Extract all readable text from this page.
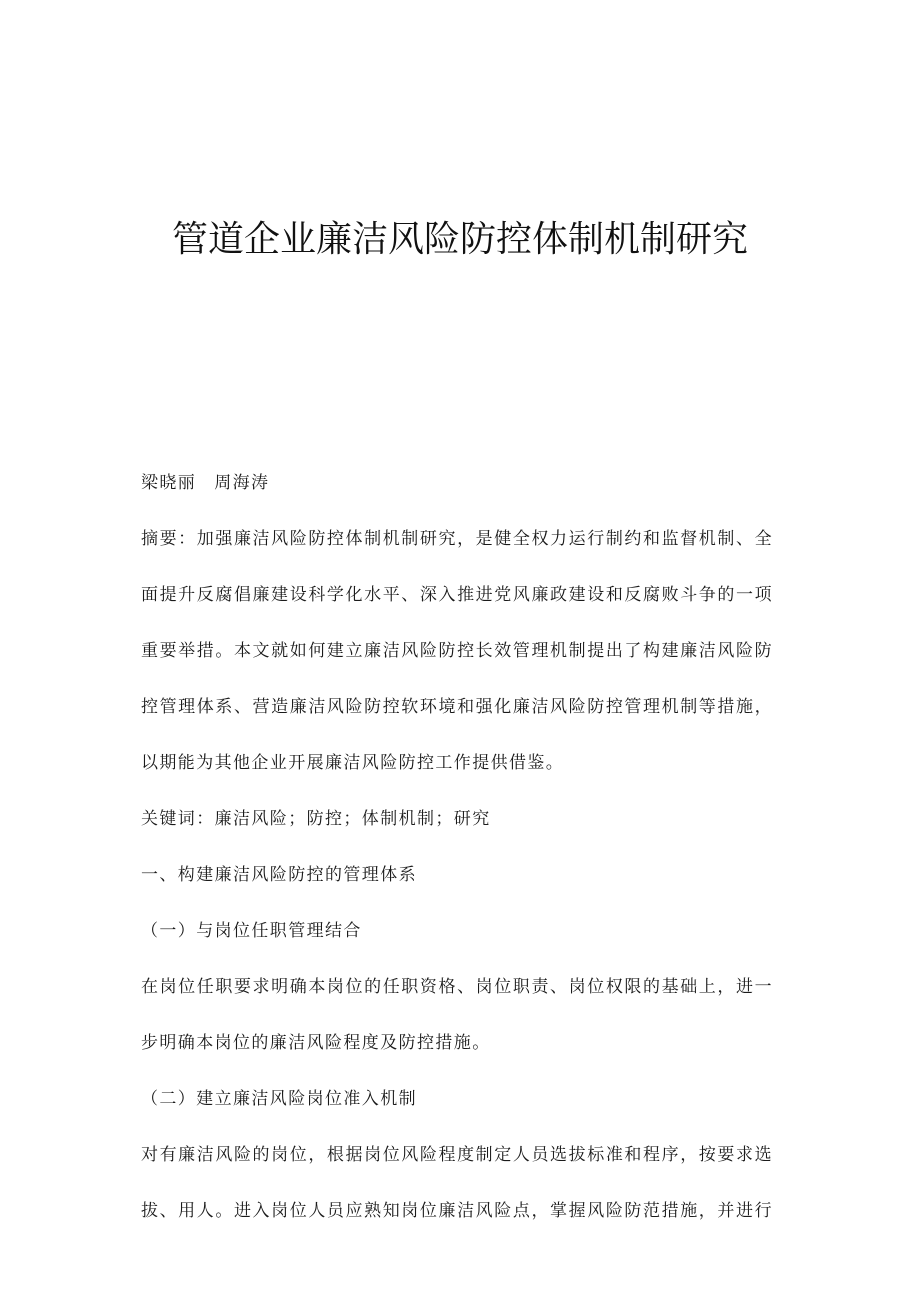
管道企业廉洁风险防控体制机制研究
梁晓丽 周海涛
摘要：加强廉洁风险防控体制机制研究，是健全权力运行制约和监督机制、全
面提升反腐倡廉建设科学化水平、深入推进党风廉政建设和反腐败斗争的一项
重要举措。本文就如何建立廉洁风险防控长效管理机制提出了构建廉洁风险防
控管理体系、营造廉洁风险防控软环境和强化廉洁风险防控管理机制等措施，
以期能为其他企业开展廉洁风险防控工作提供借鉴。
关键词：廉洁风险；防控；体制机制；研究
一、构建廉洁风险防控的管理体系
（一）与岗位任职管理结合
在岗位任职要求明确本岗位的任职资格、岗位职责、岗位权限的基础上，进一
步明确本岗位的廉洁风险程度及防控措施。
（二）建立廉洁风险岗位准入机制
对有廉洁风险的岗位，根据岗位风险程度制定人员选拔标准和程序，按要求选
拔、用人。进入岗位人员应熟知岗位廉洁风险点，掌握风险防范措施，并进行
